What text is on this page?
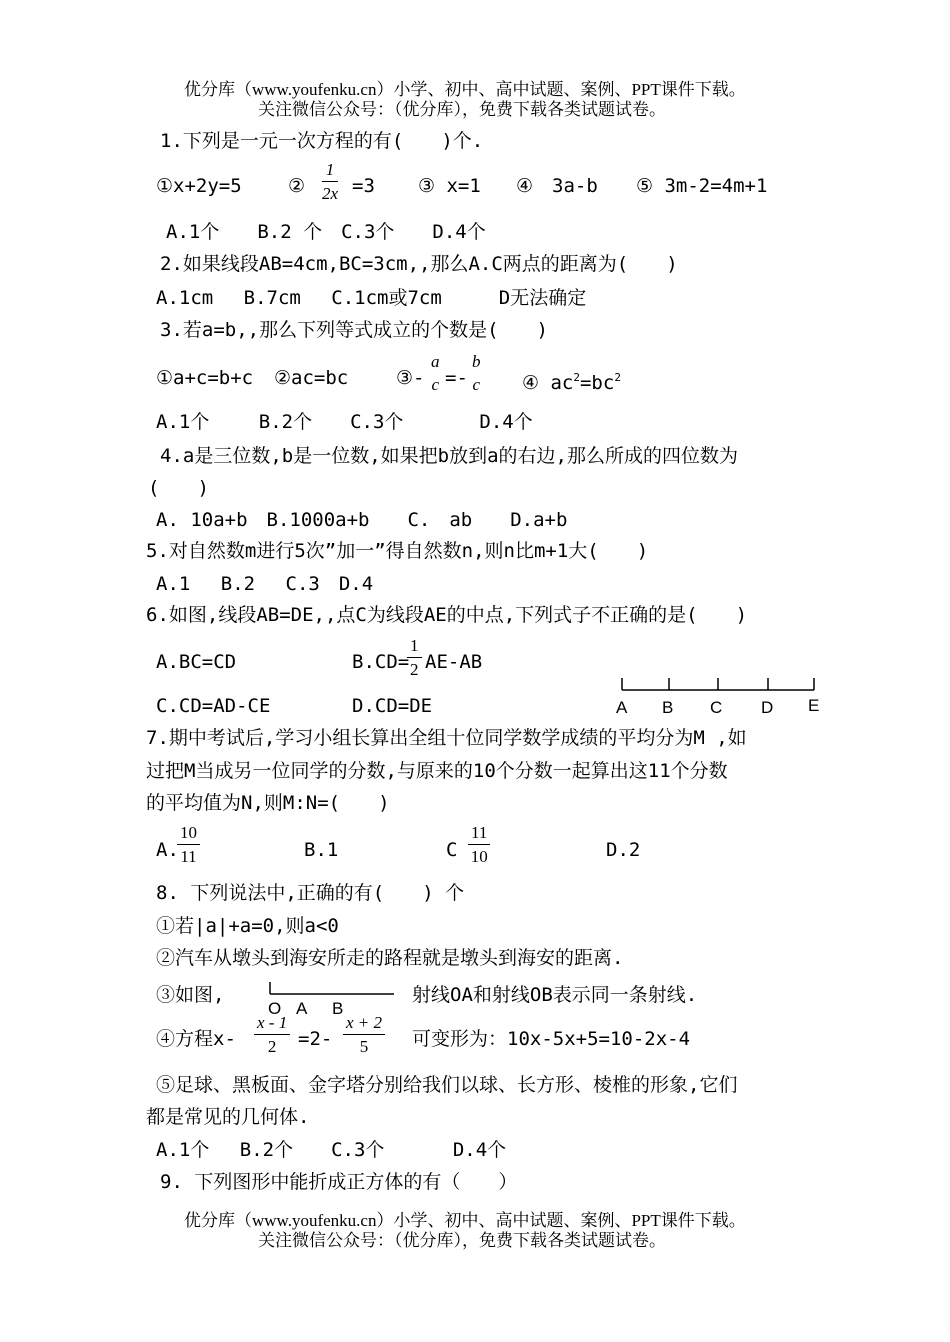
优分库（www.youfenku.cn）小学、初中、高中试题、案例、PPT课件下载。
关注微信公众号：（优分库），免费下载各类试题试卷。
1.下列是一元一次方程的有(　　)个.
①x+2y=5 ② $\frac{1}{2x} =3$ ③ x=1 ④　3a-b ⑤ 3m-2=4m+1
A.1个　　B.2 个　C.3个　　D.4个
2.如果线段AB=4cm,BC=3cm,,那么A.C两点的距离为(　　)
A.1cm　 B.7cm　 C.1cm或7cm　　　D无法确定
3.若a=b,,那么下列等式成立的个数是(　　)
①a+c=b+c ②ac=bc	③-
a
c =-
b
c ④ $ac^2=bc^2$
A.1个　　 B.2个　　C.3个　　　　D.4个
4.a是三位数,b是一位数,如果把b放到a的右边,那么所成的四位数为
(　　)
A. 10a+b　B.1000a+b　　C.　ab　　D.a+b
5.对自然数m进行5次”加一”得自然数n,则n比m+1大(　　)
A.1　 B.2　 C.3　D.4
6.如图,线段AB=DE,,点C为线段AE的中点,下列式子不正确的是(　　)
A.BC=CD	B.CD=
$\frac{1}{2} AE-AB$
C.CD=AD-CE	D.CD=DE	A B C D E
7.期中考试后,学习小组长算出全组十位同学数学成绩的平均分为M ,如
过把M当成另一位同学的分数,与原来的10个分数一起算出这11个分数
的平均值为N,则M:N=(　　)
A.
$\frac{10}{11}$	B.1	C $\frac{11}{10}$	D.2
8. 下列说法中,正确的有(　　) 个
①若|a|+a=0,则a<0
②汽车从墩头到海安所走的路程就是墩头到海安的距离.
③如图,
O A B
射线OA和射线OB表示同一条射线.
④方程$x- \frac{x - 1}{2} =2- \frac{x + 2}{5}$ 可变形为：10x-5x+5=10-2x-4
⑤足球、黑板面、金字塔分别给我们以球、长方形、棱椎的形象,它们
都是常见的几何体.
A.1个　 B.2个　　C.3个　　　 D.4个
9. 下列图形中能折成正方体的有（　　）
优分库（www.youfenku.cn）小学、初中、高中试题、案例、PPT课件下载。
关注微信公众号：（优分库），免费下载各类试题试卷。
